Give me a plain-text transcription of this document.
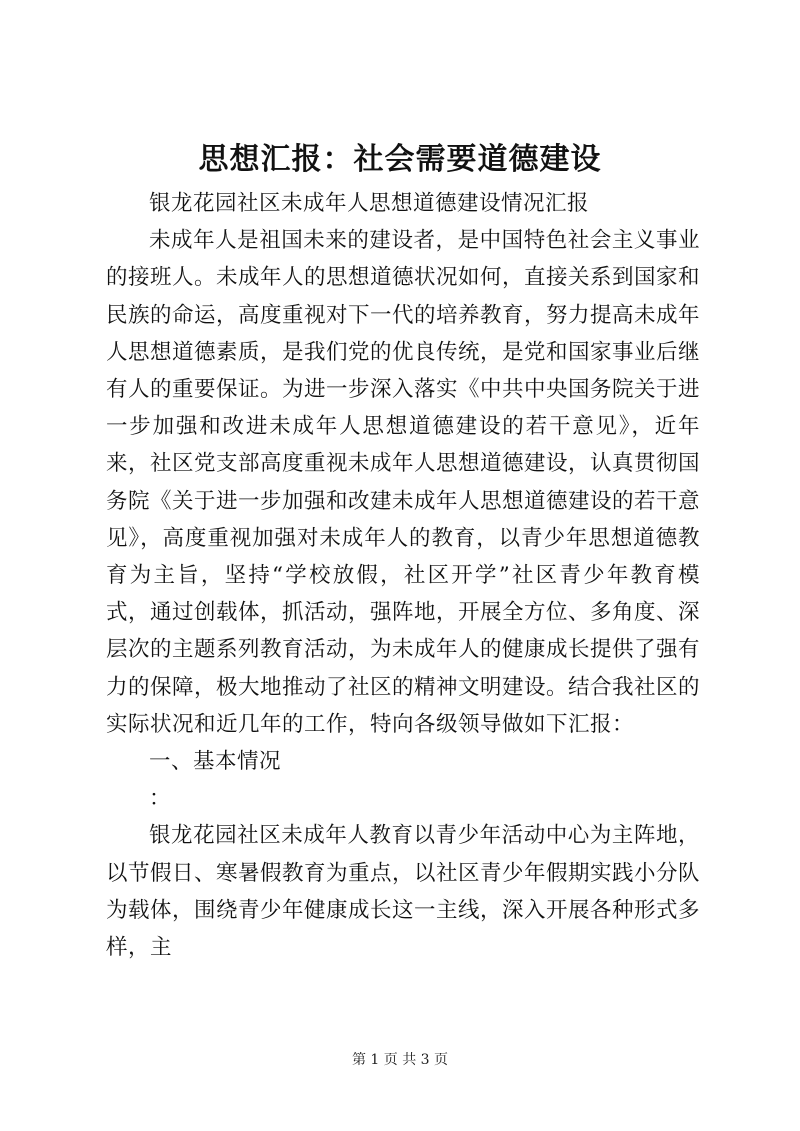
思想汇报：社会需要道德建设

银龙花园社区未成年人思想道德建设情况汇报

未成年人是祖国未来的建设者，是中国特色社会主义事业的接班人。未成年人的思想道德状况如何，直接关系到国家和民族的命运，高度重视对下一代的培养教育，努力提高未成年人思想道德素质，是我们党的优良传统，是党和国家事业后继有人的重要保证。为进一步深入落实《中共中央国务院关于进一步加强和改进未成年人思想道德建设的若干意见》，近年来，社区党支部高度重视未成年人思想道德建设，认真贯彻国务院《关于进一步加强和改建未成年人思想道德建设的若干意见》，高度重视加强对未成年人的教育，以青少年思想道德教育为主旨，坚持“学校放假，社区开学”社区青少年教育模式，通过创载体，抓活动，强阵地，开展全方位、多角度、深层次的主题系列教育活动，为未成年人的健康成长提供了强有力的保障，极大地推动了社区的精神文明建设。结合我社区的实际状况和近几年的工作，特向各级领导做如下汇报：

一、基本情况

：

银龙花园社区未成年人教育以青少年活动中心为主阵地，以节假日、寒暑假教育为重点，以社区青少年假期实践小分队为载体，围绕青少年健康成长这一主线，深入开展各种形式多样，主

第 1 页 共 3 页
